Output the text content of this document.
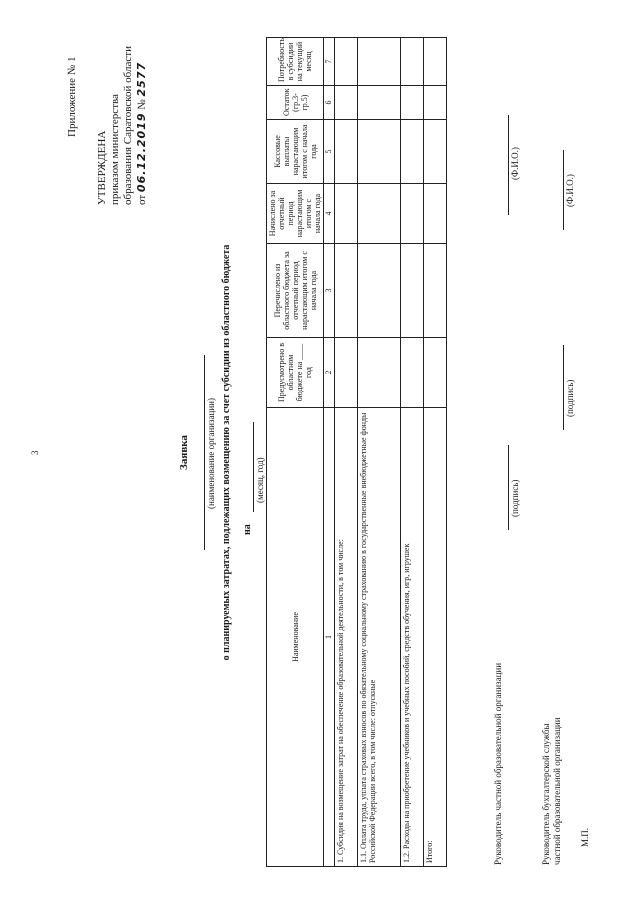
3
Приложение № 1
УТВЕРЖДЕНА приказом министерства образования Саратовской области от 06.12.2019 № 2577
Заявка (наименование организации) о планируемых затратах, подлежащих возмещению за счет субсидии из областного бюджета на
(месяц, год)
Наименование	Предусмотрено в областном бюджете на ____ год	Перечислено из областного бюджета за отчетный период нарастающим итогом с начала года	Начислено за отчетный период нарастающим итогом с начала года	Кассовые выплаты нарастающим итогом с начала года	Остаток (гр.3-гр.5)	Потребность в субсидии на текущий месяц
1	2	3	4	5	6	7
1. Субсидия на возмещение затрат на обеспечение образовательной деятельности, в том числе:						
1.1. Оплата труда, уплата страховых взносов по обязательному социальному страхованию в государственные внебюджетные фонды Российской Федерации всего, в том числе: отпускные						
1.2. Расходы на приобретение учебников и учебных пособий, средств обучения, игр, игрушек						
Итого:							Руководитель частной образовательной организации
(подпись)
(Ф.И.О.)
Руководитель бухгалтерской службы частной образовательной организации
(подпись)
(Ф.И.О.)
М.П.
